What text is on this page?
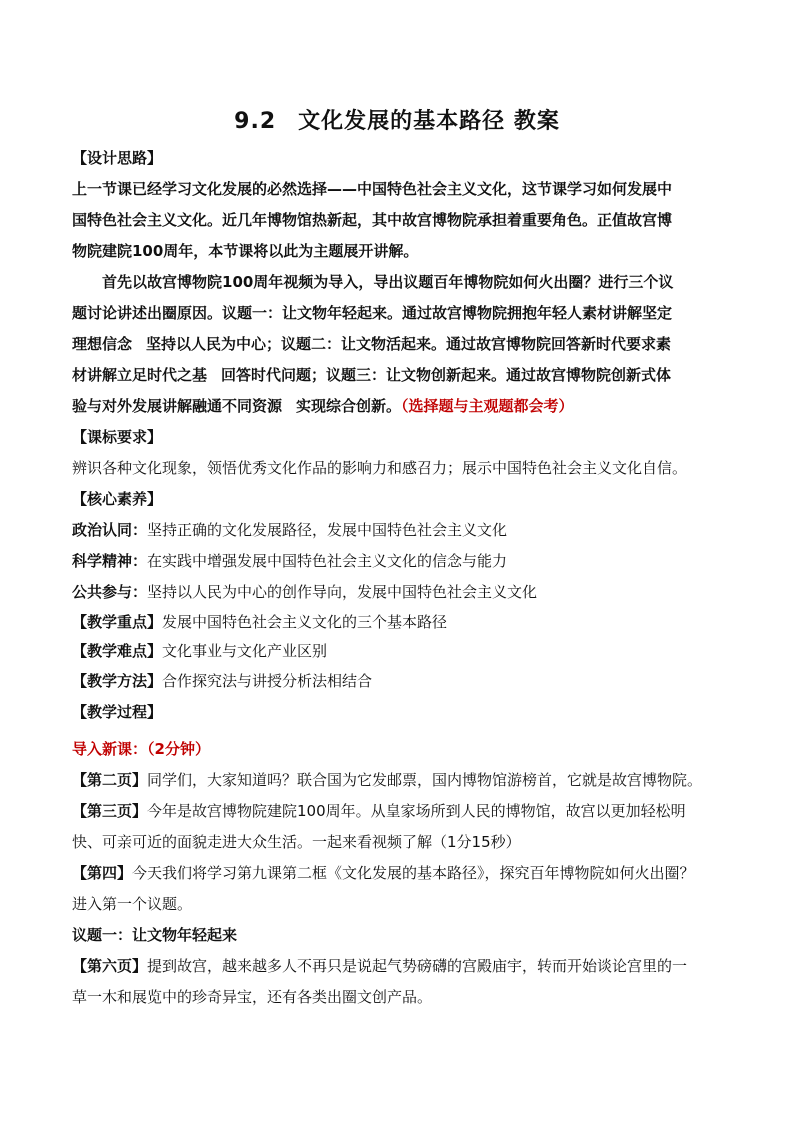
9.2 文化发展的基本路径 教案
【设计思路】
上一节课已经学习文化发展的必然选择——中国特色社会主义文化，这节课学习如何发展中
国特色社会主义文化。近几年博物馆热新起，其中故宫博物院承担着重要角色。正值故宫博
物院建院100周年，本节课将以此为主题展开讲解。
首先以故宫博物院100周年视频为导入，导出议题百年博物院如何火出圈？进行三个议
题讨论讲述出圈原因。议题一：让文物年轻起来。通过故宫博物院拥抱年轻人素材讲解坚定
理想信念 坚持以人民为中心；议题二：让文物活起来。通过故宫博物院回答新时代要求素
材讲解立足时代之基 回答时代问题；议题三：让文物创新起来。通过故宫博物院创新式体
验与对外发展讲解融通不同资源 实现综合创新。（选择题与主观题都会考）
【课标要求】
辨识各种文化现象，领悟优秀文化作品的影响力和感召力；展示中国特色社会主义文化自信。
【核心素养】
政治认同：坚持正确的文化发展路径，发展中国特色社会主义文化
科学精神：在实践中增强发展中国特色社会主义文化的信念与能力
公共参与：坚持以人民为中心的创作导向，发展中国特色社会主义文化
【教学重点】发展中国特色社会主义文化的三个基本路径
【教学难点】文化事业与文化产业区别
【教学方法】合作探究法与讲授分析法相结合
【教学过程】
导入新课：（2分钟）
【第二页】同学们，大家知道吗？联合国为它发邮票，国内博物馆游榜首，它就是故宫博物院。
【第三页】今年是故宫博物院建院100周年。从皇家场所到人民的博物馆，故宫以更加轻松明
快、可亲可近的面貌走进大众生活。一起来看视频了解（1分15秒）
【第四】今天我们将学习第九课第二框《文化发展的基本路径》，探究百年博物院如何火出圈？
进入第一个议题。
议题一：让文物年轻起来
【第六页】提到故宫，越来越多人不再只是说起气势磅礴的宫殿庙宇，转而开始谈论宫里的一
草一木和展览中的珍奇异宝，还有各类出圈文创产品。
